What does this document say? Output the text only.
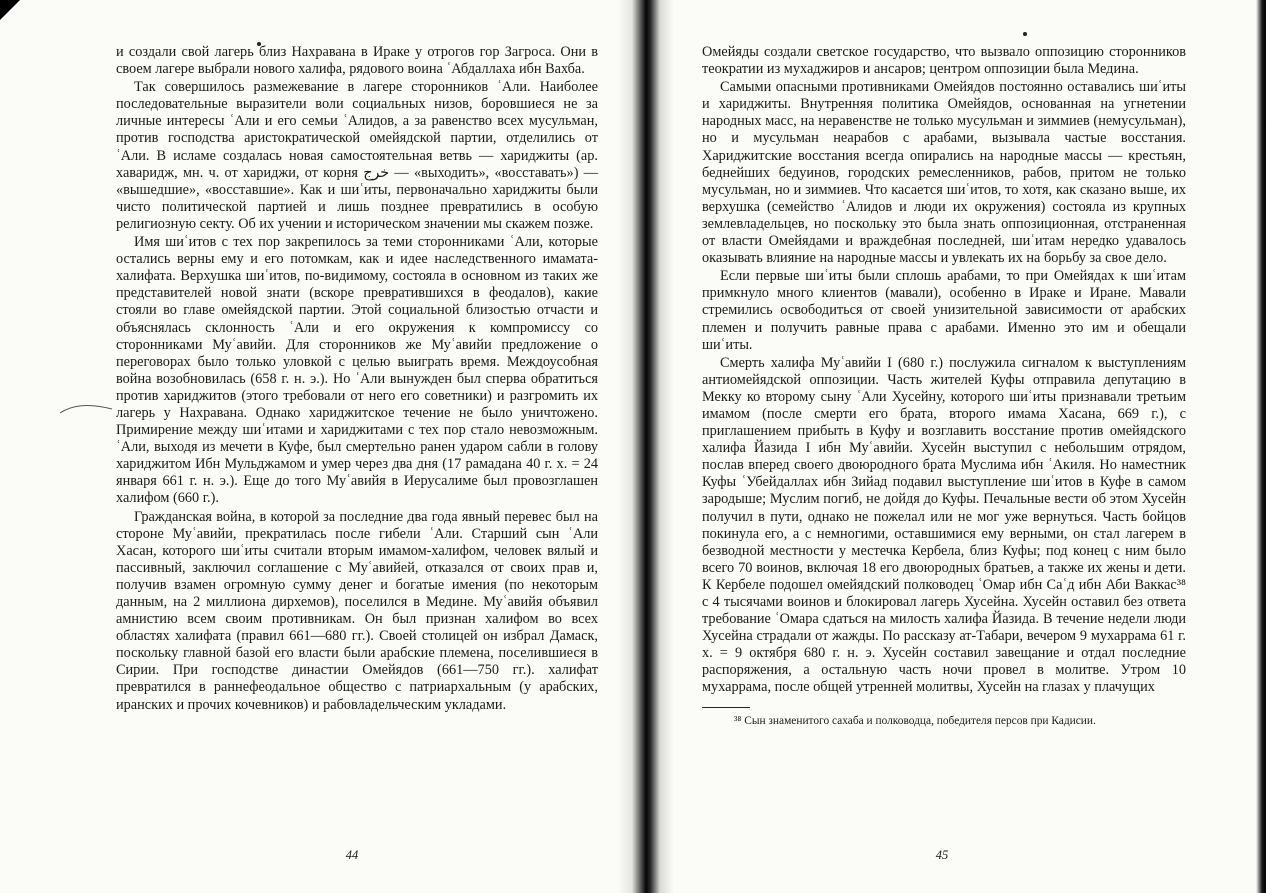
и создали свой лагерь близ Нахравана в Ираке у отрогов гор Загроса. Они в своем лагере выбрали нового халифа, рядового воина ʿАбдаллаха ибн Вахба.

Так совершилось размежевание в лагере сторонников ʿАли. Наиболее последовательные выразители воли социальных низов, боровшиеся не за личные интересы ʿАли и его семьи ʿАлидов, а за равенство всех мусульман, против господства аристократической омейядской партии, отделились от ʿАли. В исламе создалась новая самостоятельная ветвь — хариджиты (ар. хаваридж, мн. ч. от хариджи, от корня خرج — «выходить», «восставать») — «вышедшие», «восставшие». Как и шиʿиты, первоначально хариджиты были чисто политической партией и лишь позднее превратились в особую религиозную секту. Об их учении и историческом значении мы скажем позже.

Имя шиʿитов с тех пор закрепилось за теми сторонниками ʿАли, которые остались верны ему и его потомкам, как и идее наследственного имамата-халифата. Верхушка шиʿитов, по-видимому, состояла в основном из таких же представителей новой знати (вскоре превратившихся в феодалов), какие стояли во главе омейядской партии. Этой социальной близостью отчасти и объяснялась склонность ʿАли и его окружения к компромиссу со сторонниками Муʿавийи. Для сторонников же Муʿавийи предложение о переговорах было только уловкой с целью выиграть время. Междоусобная война возобновилась (658 г. н. э.). Но ʿАли вынужден был сперва обратиться против хариджитов (этого требовали от него его советники) и разгромить их лагерь у Нахравана. Однако хариджитское течение не было уничтожено. Примирение между шиʿитами и хариджитами с тех пор стало невозможным. ʿАли, выходя из мечети в Куфе, был смертельно ранен ударом сабли в голову хариджитом Ибн Мульджамом и умер через два дня (17 рамадана 40 г. х. = 24 января 661 г. н. э.). Еще до того Муʿавийя в Иерусалиме был провозглашен халифом (660 г.).

Гражданская война, в которой за последние два года явный перевес был на стороне Муʿавийи, прекратилась после гибели ʿАли. Старший сын ʿАли Хасан, которого шиʿиты считали вторым имамом-халифом, человек вялый и пассивный, заключил соглашение с Муʿавийей, отказался от своих прав и, получив взамен огромную сумму денег и богатые имения (по некоторым данным, на 2 миллиона дирхемов), поселился в Медине. Муʿавийя объявил амнистию всем своим противникам. Он был признан халифом во всех областях халифата (правил 661—680 гг.). Своей столицей он избрал Дамаск, поскольку главной базой его власти были арабские племена, поселившиеся в Сирии. При господстве династии Омейядов (661—750 гг.). халифат превратился в раннефеодальное общество с патриархальным (у арабских, иранских и прочих кочевников) и рабовладельческим укладами.

44

Омейяды создали светское государство, что вызвало оппозицию сторонников теократии из мухаджиров и ансаров; центром оппозиции была Медина.

Самыми опасными противниками Омейядов постоянно оставались шиʿиты и хариджиты. Внутренняя политика Омейядов, основанная на угнетении народных масс, на неравенстве не только мусульман и зиммиев (немусульман), но и мусульман неарабов с арабами, вызывала частые восстания. Хариджитские восстания всегда опирались на народные массы — крестьян, беднейших бедуинов, городских ремесленников, рабов, притом не только мусульман, но и зиммиев. Что касается шиʿитов, то хотя, как сказано выше, их верхушка (семейство ʿАлидов и люди их окружения) состояла из крупных землевладельцев, но поскольку это была знать оппозиционная, отстраненная от власти Омейядами и враждебная последней, шиʿитам нередко удавалось оказывать влияние на народные массы и увлекать их на борьбу за свое дело.

Если первые шиʿиты были сплошь арабами, то при Омейядах к шиʿитам примкнуло много клиентов (мавали), особенно в Ираке и Иране. Мавали стремились освободиться от своей унизительной зависимости от арабских племен и получить равные права с арабами. Именно это им и обещали шиʿиты.

Смерть халифа Муʿавийи I (680 г.) послужила сигналом к выступлениям антиомейядской оппозиции. Часть жителей Куфы отправила депутацию в Мекку ко второму сыну ʿАли Хусейну, которого шиʿиты признавали третьим имамом (после смерти его брата, второго имама Хасана, 669 г.), с приглашением прибыть в Куфу и возглавить восстание против омейядского халифа Йазида I ибн Муʿавийи. Хусейн выступил с небольшим отрядом, послав вперед своего двоюродного брата Муслима ибн ʿАкиля. Но наместник Куфы ʿУбейдаллах ибн Зийад подавил выступление шиʿитов в Куфе в самом зародыше; Муслим погиб, не дойдя до Куфы. Печальные вести об этом Хусейн получил в пути, однако не пожелал или не мог уже вернуться. Часть бойцов покинула его, а с немногими, оставшимися ему верными, он стал лагерем в безводной местности у местечка Кербела, близ Куфы; под конец с ним было всего 70 воинов, включая 18 его двоюродных братьев, а также их жены и дети. К Кербеле подошел омейядский полководец ʿОмар ибн Саʿд ибн Аби Ваккас³⁸ с 4 тысячами воинов и блокировал лагерь Хусейна. Хусейн оставил без ответа требование ʿОмара сдаться на милость халифа Йазида. В течение недели люди Хусейна страдали от жажды. По рассказу ат-Табари, вечером 9 мухаррама 61 г. х. = 9 октября 680 г. н. э. Хусейн составил завещание и отдал последние распоряжения, а остальную часть ночи провел в молитве. Утром 10 мухаррама, после общей утренней молитвы, Хусейн на глазах у плачущих

³⁸ Сын знаменитого сахаба и полководца, победителя персов при Кадисии.
45
